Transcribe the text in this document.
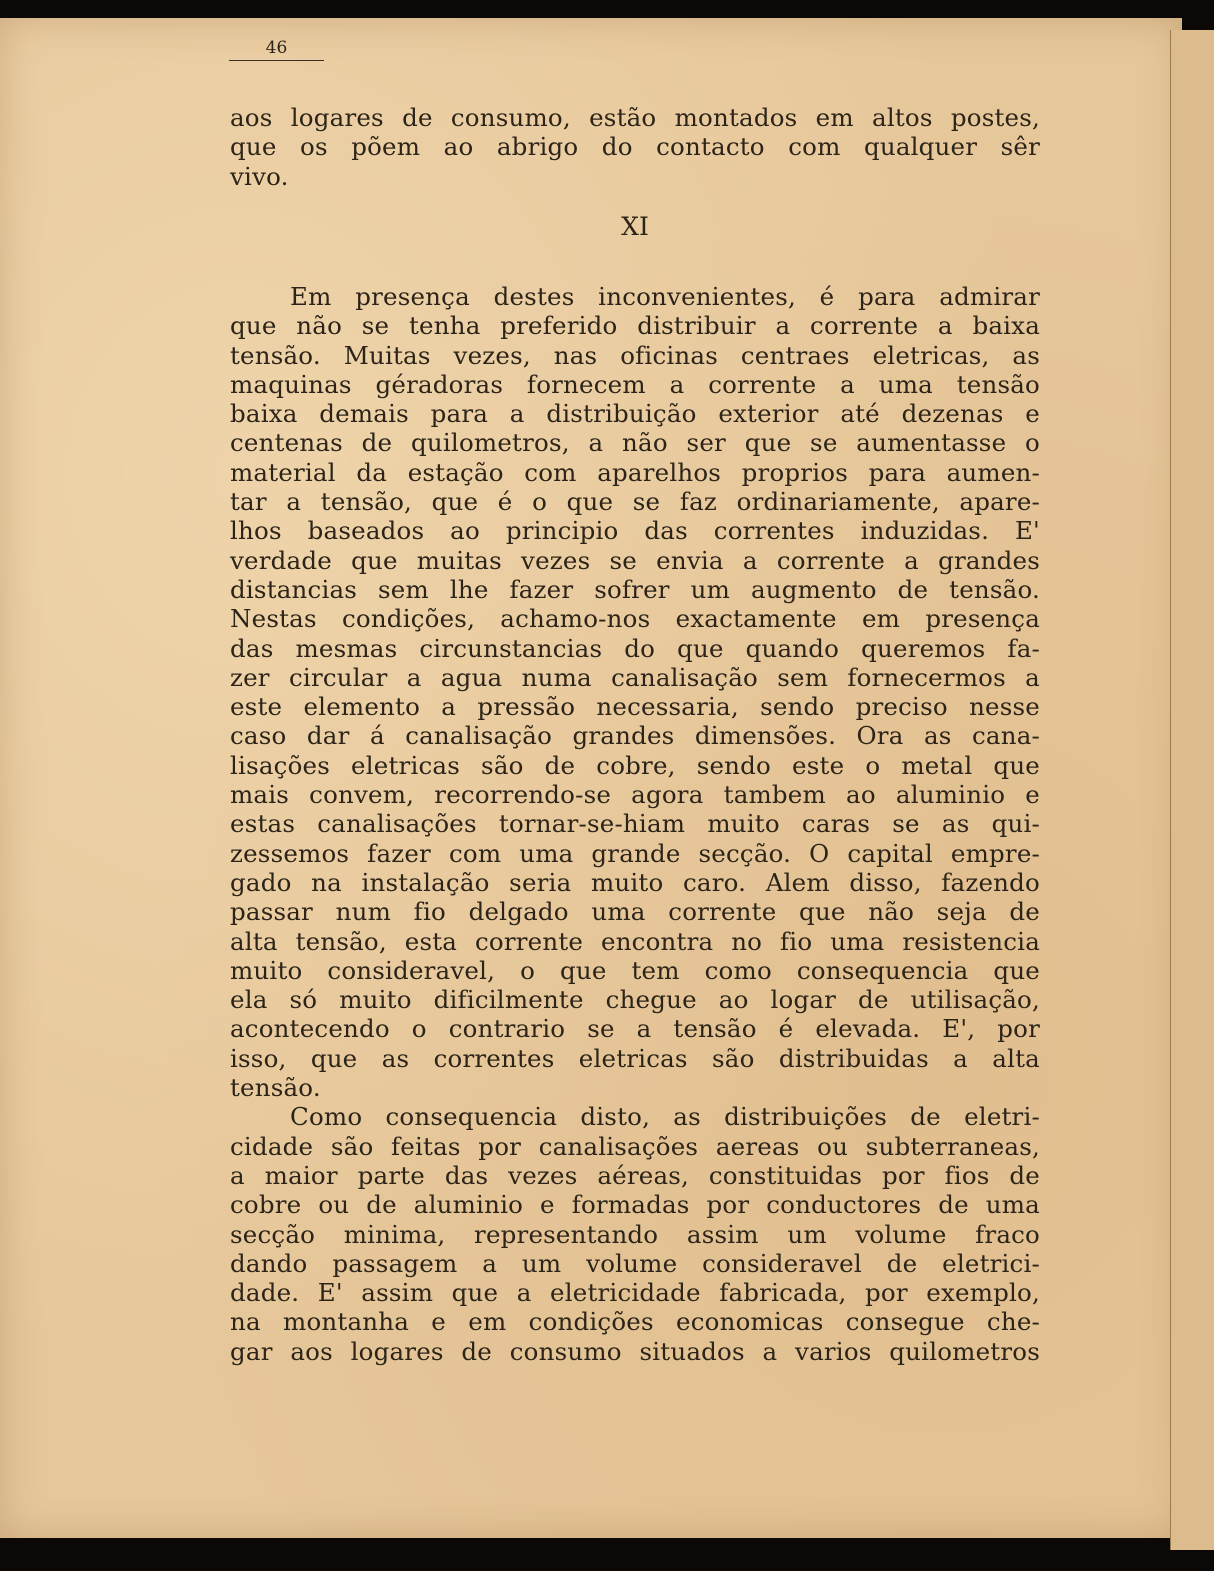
46
aos logares de consumo, estão montados em altos postes,
que os põem ao abrigo do contacto com qualquer sêr
vivo.
XI
Em presença destes inconvenientes, é para admirar
que não se tenha preferido distribuir a corrente a baixa
tensão. Muitas vezes, nas oficinas centraes eletricas, as
maquinas géradoras fornecem a corrente a uma tensão
baixa demais para a distribuição exterior até dezenas e
centenas de quilometros, a não ser que se aumentasse o
material da estação com aparelhos proprios para aumen-
tar a tensão, que é o que se faz ordinariamente, apare-
lhos baseados ao principio das correntes induzidas. E'
verdade que muitas vezes se envia a corrente a grandes
distancias sem lhe fazer sofrer um augmento de tensão.
Nestas condições, achamo-nos exactamente em presença
das mesmas circunstancias do que quando queremos fa-
zer circular a agua numa canalisação sem fornecermos a
este elemento a pressão necessaria, sendo preciso nesse
caso dar á canalisação grandes dimensões. Ora as cana-
lisações eletricas são de cobre, sendo este o metal que
mais convem, recorrendo-se agora tambem ao aluminio e
estas canalisações tornar-se-hiam muito caras se as qui-
zessemos fazer com uma grande secção. O capital empre-
gado na instalação seria muito caro. Alem disso, fazendo
passar num fio delgado uma corrente que não seja de
alta tensão, esta corrente encontra no fio uma resistencia
muito consideravel, o que tem como consequencia que
ela só muito dificilmente chegue ao logar de utilisação,
acontecendo o contrario se a tensão é elevada. E', por
isso, que as correntes eletricas são distribuidas a alta
tensão.
Como consequencia disto, as distribuições de eletri-
cidade são feitas por canalisações aereas ou subterraneas,
a maior parte das vezes aéreas, constituidas por fios de
cobre ou de aluminio e formadas por conductores de uma
secção minima, representando assim um volume fraco
dando passagem a um volume consideravel de eletrici-
dade. E' assim que a eletricidade fabricada, por exemplo,
na montanha e em condições economicas consegue che-
gar aos logares de consumo situados a varios quilometros
